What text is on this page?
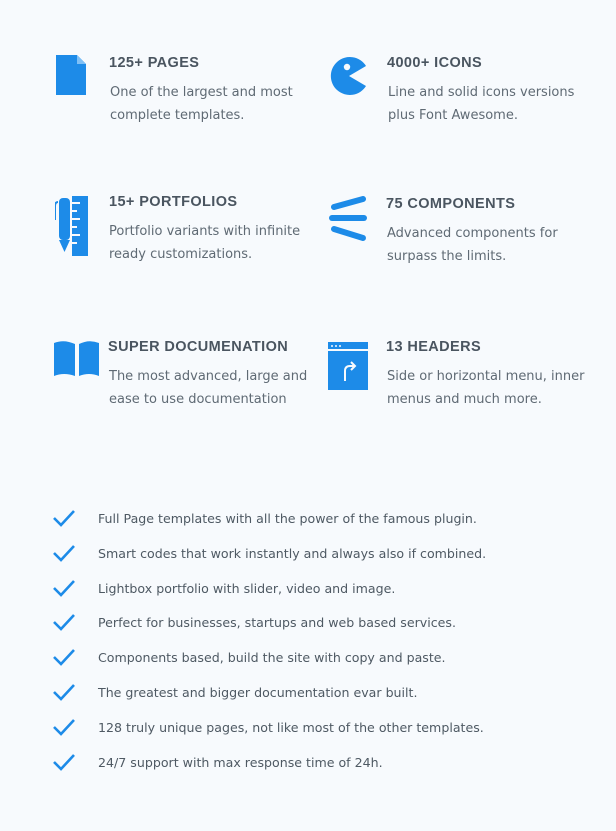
125+ PAGES
One of the largest and most complete templates.
4000+ ICONS
Line and solid icons versions plus Font Awesome.
15+ PORTFOLIOS
Portfolio variants with infinite ready customizations.
75 COMPONENTS
Advanced components for surpass the limits.
SUPER DOCUMENATION
The most advanced, large and ease to use documentation
13 HEADERS
Side or horizontal menu, inner menus and much more.
Full Page templates with all the power of the famous plugin.
Smart codes that work instantly and always also if combined.
Lightbox portfolio with slider, video and image.
Perfect for businesses, startups and web based services.
Components based, build the site with copy and paste.
The greatest and bigger documentation evar built.
128 truly unique pages, not like most of the other templates.
24/7 support with max response time of 24h.
